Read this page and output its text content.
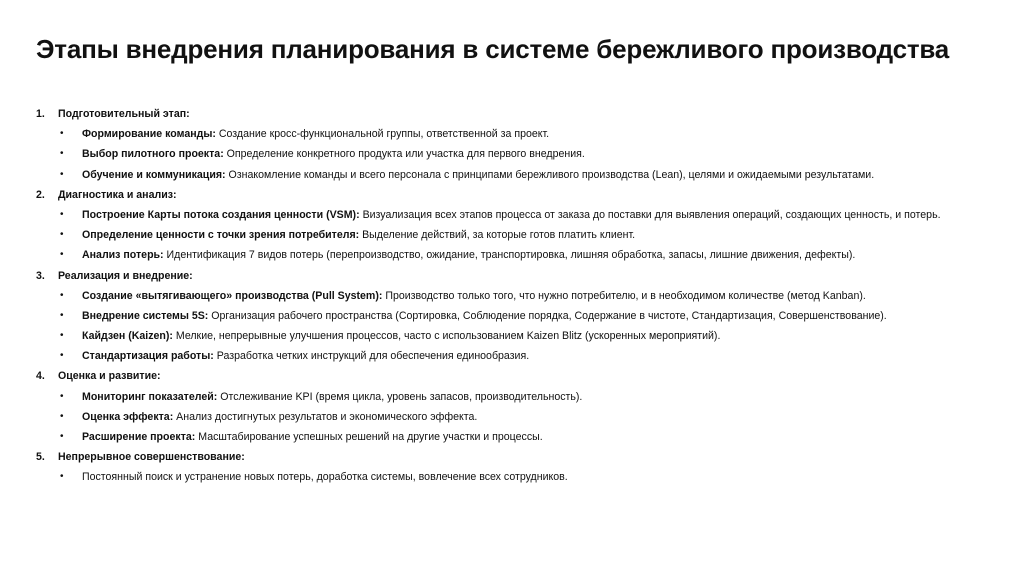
Этапы внедрения планирования в системе бережливого производства
1. Подготовительный этап:
• Формирование команды: Создание кросс-функциональной группы, ответственной за проект.
• Выбор пилотного проекта: Определение конкретного продукта или участка для первого внедрения.
• Обучение и коммуникация: Ознакомление команды и всего персонала с принципами бережливого производства (Lean), целями и ожидаемыми результатами.
2. Диагностика и анализ:
• Построение Карты потока создания ценности (VSM): Визуализация всех этапов процесса от заказа до поставки для выявления операций, создающих ценность, и потерь.
• Определение ценности с точки зрения потребителя: Выделение действий, за которые готов платить клиент.
• Анализ потерь: Идентификация 7 видов потерь (перепроизводство, ожидание, транспортировка, лишняя обработка, запасы, лишние движения, дефекты).
3. Реализация и внедрение:
• Создание «вытягивающего» производства (Pull System): Производство только того, что нужно потребителю, и в необходимом количестве (метод Kanban).
• Внедрение системы 5S: Организация рабочего пространства (Сортировка, Соблюдение порядка, Содержание в чистоте, Стандартизация, Совершенствование).
• Кайдзен (Kaizen): Мелкие, непрерывные улучшения процессов, часто с использованием Kaizen Blitz (ускоренных мероприятий).
• Стандартизация работы: Разработка четких инструкций для обеспечения единообразия.
4. Оценка и развитие:
• Мониторинг показателей: Отслеживание KPI (время цикла, уровень запасов, производительность).
• Оценка эффекта: Анализ достигнутых результатов и экономического эффекта.
• Расширение проекта: Масштабирование успешных решений на другие участки и процессы.
5. Непрерывное совершенствование:
• Постоянный поиск и устранение новых потерь, доработка системы, вовлечение всех сотрудников.
